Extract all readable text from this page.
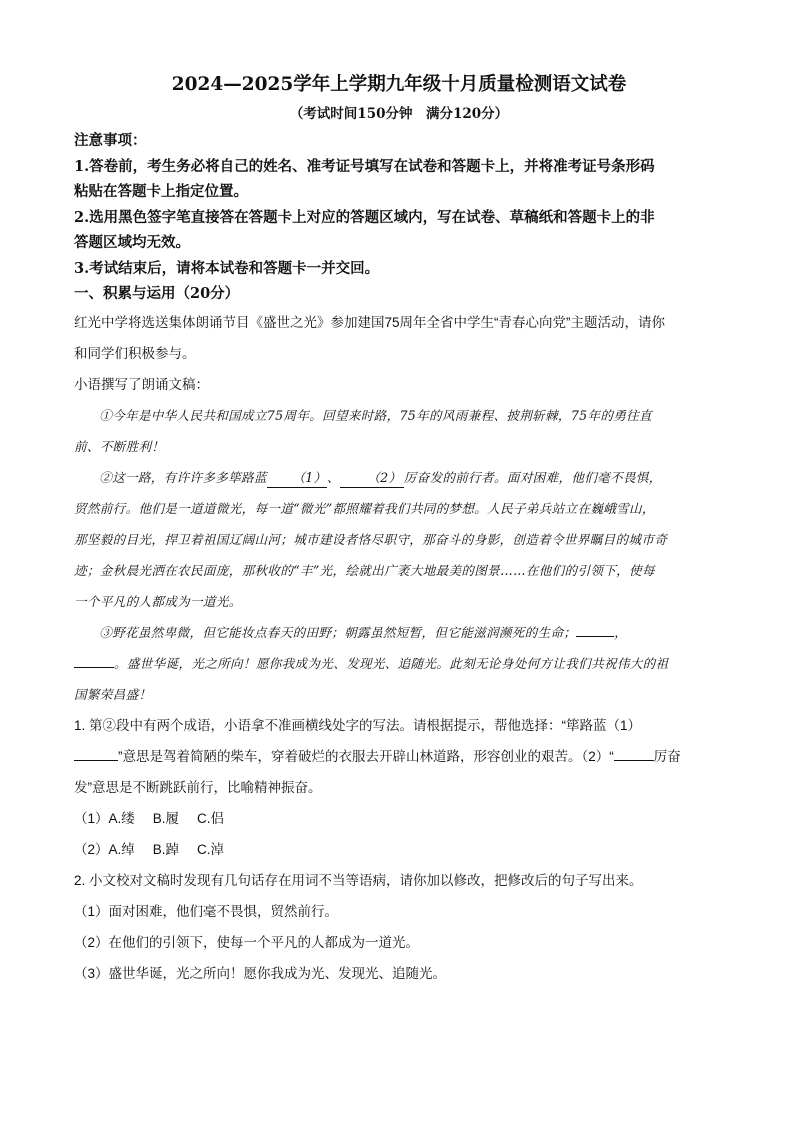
2024—2025学年上学期九年级十月质量检测语文试卷
（考试时间150分钟　满分120分）
注意事项：
1.答卷前，考生务必将自己的姓名、准考证号填写在试卷和答题卡上，并将准考证号条形码
粘贴在答题卡上指定位置。
2.选用黑色签字笔直接答在答题卡上对应的答题区域内，写在试卷、草稿纸和答题卡上的非
答题区域均无效。
3.考试结束后，请将本试卷和答题卡一并交回。
一、积累与运用（20分）

红光中学将选送集体朗诵节目《盛世之光》参加建国75周年全省中学生“青春心向党”主题活动，请你

和同学们积极参与。

小语撰写了朗诵文稿：

①今年是中华人民共和国成立75周年。回望来时路，75年的风雨兼程、披荆斩棘，75年的勇往直

前、不断胜利！

②这一路，有许许多多筚路蓝 （1）、 （2） 厉奋发的前行者。面对困难，他们毫不畏惧，

贸然前行。他们是一道道微光，每一道“微光”都照耀着我们共同的梦想。人民子弟兵站立在巍峨雪山，

那坚毅的目光，捍卫着祖国辽阔山河；城市建设者恪尽职守，那奋斗的身影，创造着令世界瞩目的城市奇

迹；金秋晨光洒在农民面庞，那秋收的“丰”光，绘就出广袤大地最美的图景……在他们的引领下，使每

一个平凡的人都成为一道光。

③野花虽然卑微，但它能妆点春天的田野；朝露虽然短暂，但它能滋润濒死的生命；	，

。盛世华诞，光之所向！愿你我成为光、发现光、追随光。此刻无论身处何方让我们共祝伟大的祖

国繁荣昌盛！

1. 第②段中有两个成语，小语拿不准画横线处字的写法。请根据提示，帮他选择：“筚路蓝（1）

”意思是驾着简陋的柴车，穿着破烂的衣服去开辟山林道路，形容创业的艰苦。（2）“	厉奋

发”意思是不断跳跃前行，比喻精神振奋。

（1）A.缕 B.履 C.侣

（2）A.绰 B.踔 C.淖

2. 小文校对文稿时发现有几句话存在用词不当等语病，请你加以修改，把修改后的句子写出来。

（1）面对困难，他们毫不畏惧，贸然前行。

（2）在他们的引领下，使每一个平凡的人都成为一道光。

（3）盛世华诞，光之所向！愿你我成为光、发现光、追随光。
